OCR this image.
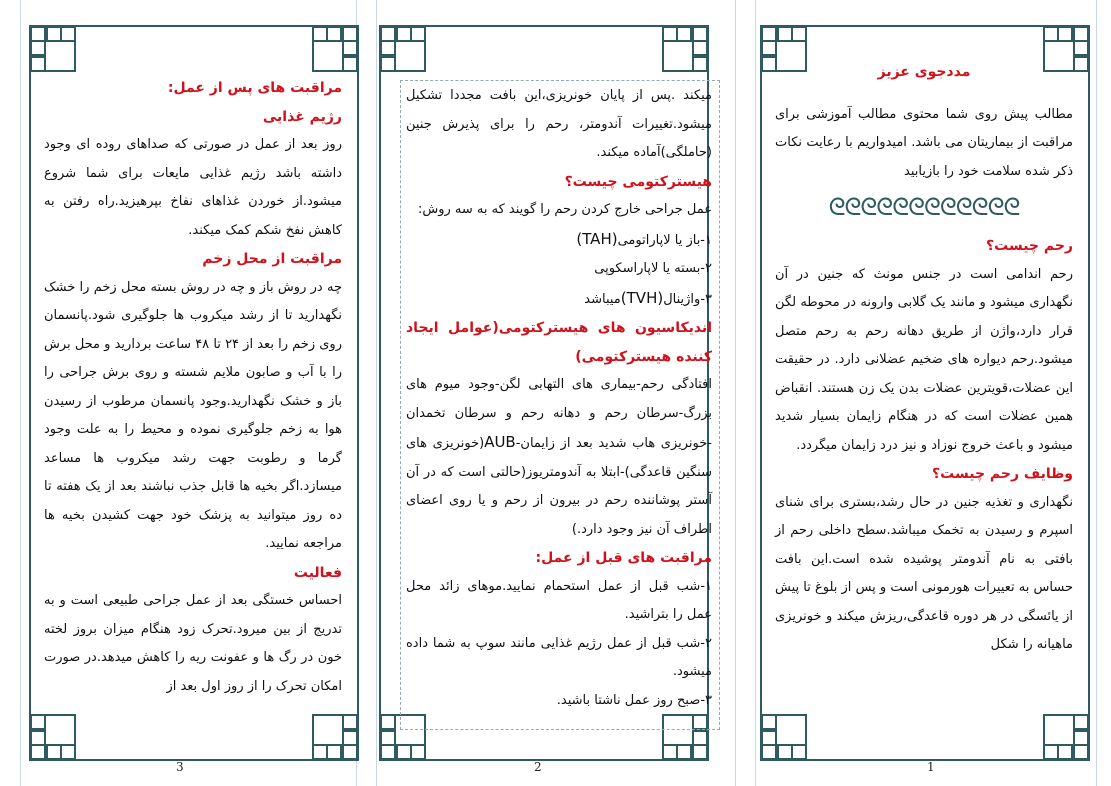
مراقبت های پس از عمل:

رژیم غذایی

روز بعد از عمل در صورتی که صداهای روده ای وجود داشته باشد رژیم غذایی مایعات برای شما شروع میشود.از خوردن غذاهای نفاخ بپرهیزید.راه رفتن به کاهش نفخ شکم کمک میکند.

مراقبت از محل زخم

چه در روش باز و چه در روش بسته محل زخم را خشک نگهدارید تا از رشد میکروب ها جلوگیری شود.پانسمان روی زخم را بعد از ۲۴ تا ۴۸ ساعت بردارید و محل برش را با آب و صابون ملایم شسته و روی برش جراحی را باز و خشک نگهدارید.وجود پانسمان مرطوب از رسیدن هوا به زخم جلوگیری نموده و محیط را به علت وجود گرما و رطوبت جهت رشد میکروب ها مساعد میسازد.اگر بخیه ها قابل جذب نباشند بعد از یک هفته تا ده روز میتوانید به پزشک خود جهت کشیدن بخیه ها مراجعه نمایید.

فعالیت

احساس خستگی بعد از عمل جراحی طبیعی است و به تدریج از بین میرود.تحرک زود هنگام میزان بروز لخته خون در رگ ها و عفونت ریه را کاهش میدهد.در صورت امکان تحرک را از روز اول بعد از

3

میکند .پس از پایان خونریزی،این بافت مجددا تشکیل میشود.تغییرات آندومتر، رحم را برای پذیرش جنین (حاملگی)آماده میکند.

هیسترکتومی چیست؟

عمل جراحی خارج کردن رحم را گویند که به سه روش:

۱-باز یا لاپاراتومی(TAH)

۲-بسته یا لاپاراسکوپی

۳-واژینال(TVH)میباشد

اندیکاسیون های هیسترکتومی(عوامل ایجاد کننده هیسترکتومی)

افتادگی رحم-بیماری های التهابی لگن-وجود میوم های بزرگ-سرطان رحم و دهانه رحم و سرطان تخمدان -خونریزی هاب شدید بعد از زایمان-AUB(خونریزی های سنگین قاعدگی)-ابتلا به آندومتریوز(حالتی است که در آن آستر پوشاننده رحم در بیرون از رحم و یا روی اعضای اطراف آن نیز وجود دارد.)

مراقبت های قبل از عمل:

۱-شب قبل از عمل استحمام نمایید.موهای زائد محل عمل را بتراشید.

۲-شب قبل از عمل رژیم غذایی مانند سوپ به شما داده میشود.

۳-صبح روز عمل ناشتا باشید.

2

مددجوی عزیز

مطالب پیش روی شما محتوی مطالب آموزشی برای مراقبت از بیماریتان می باشد. امیدواریم با رعایت نکات ذکر شده سلامت خود را بازیابید

ᘓᘓᘓᘓᘓᘓᘓᘓᘓᘓᘓᘓ

رحم چیست؟

رحم اندامی است در جنس مونث که جنین در آن نگهداری میشود و مانند یک گلابی وارونه در محوطه لگن قرار دارد،واژن از طریق دهانه رحم به رحم متصل میشود.رحم دیواره های ضخیم عضلانی دارد. در حقیقت این عضلات،قویترین عضلات بدن یک زن هستند. انقباض همین عضلات است که در هنگام زایمان بسیار شدید میشود و باعث خروج نوزاد و نیز درد زایمان میگردد.

وظایف رحم چیست؟

نگهداری و تغذیه جنین در حال رشد،بستری برای شنای اسپرم و رسیدن به تخمک میباشد.سطح داخلی رحم از بافتی به نام آندومتر پوشیده شده است.این بافت حساس به تعییرات هورمونی است و پس از بلوغ تا پیش از یائسگی در هر دوره قاعدگی،ریزش میکند و خونریزی ماهیانه را شکل

1
